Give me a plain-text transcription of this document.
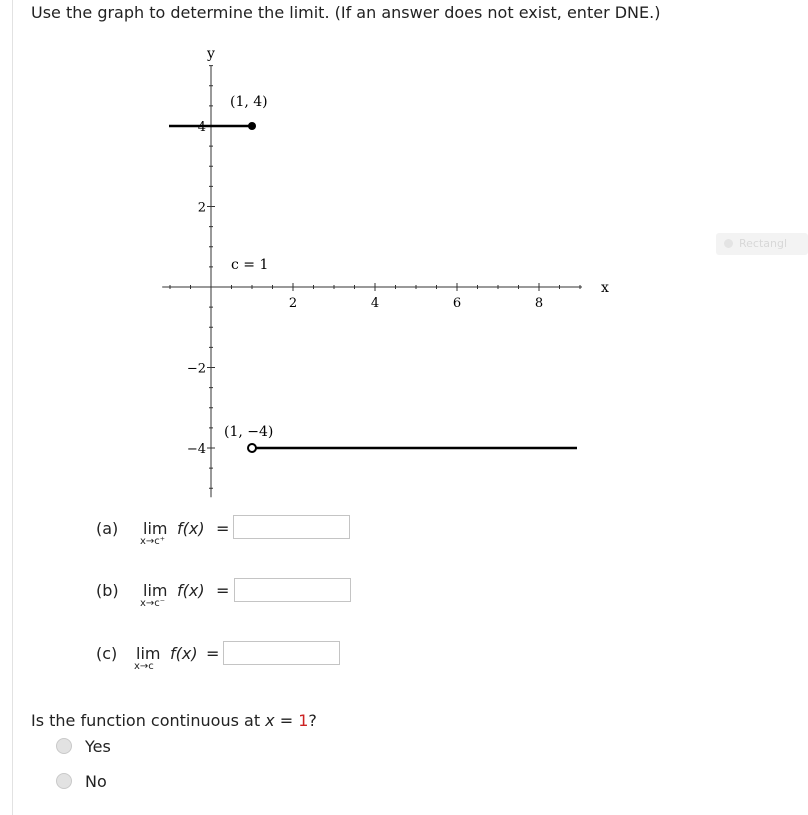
Use the graph to determine the limit. (If an answer does not exist, enter DNE.)
Rectangl
y
x
2	4	6	8
4
2
−2
−4
(1, 4)
c = 1
(1, −4)
(a) lim f(x)
x→c⁺
=
(b) lim f(x)
x→c⁻
=
(c) lim f(x)
x→c
=
Is the function continuous at x = 1?
Yes
No
